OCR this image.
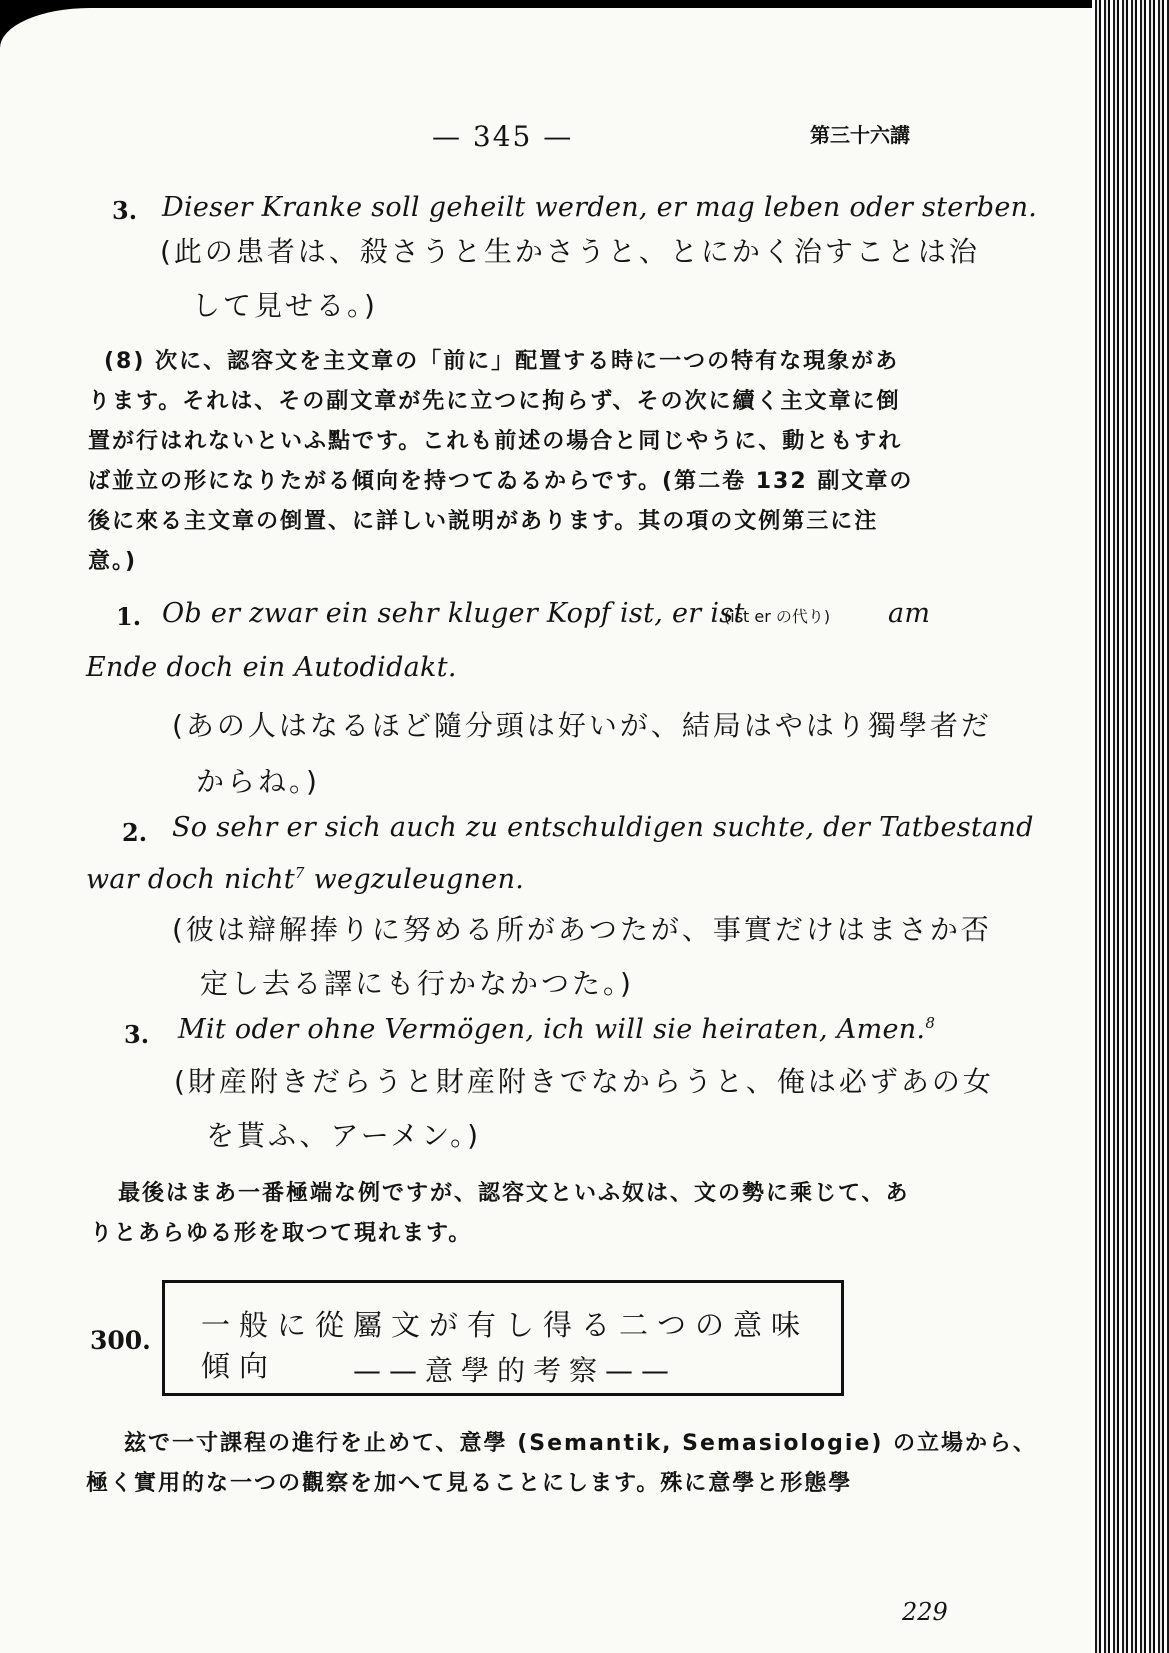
— 345 —	第三十六講
3. Dieser Kranke soll geheilt werden, er mag leben oder sterben.
(此の患者は、殺さうと生かさうと、とにかく治すことは治
して見せる。)
(8) 次に、認容文を主文章の「前に」配置する時に一つの特有な現象があ
ります。それは、その副文章が先に立つに拘らず、その次に續く主文章に倒
置が行はれないといふ點です。これも前述の場合と同じやうに、動ともすれ
ば並立の形になりたがる傾向を持つてゐるからです。(第二卷 132 副文章の
後に來る主文章の倒置、に詳しい説明があります。其の項の文例第三に注
意。)
1. Ob er zwar ein sehr kluger Kopf ist, er ist
(ist er の代り) am
Ende doch ein Autodidakt.
(あの人はなるほど隨分頭は好いが、結局はやはり獨學者だ
からね。)
2. So sehr er sich auch zu entschuldigen suchte, der Tatbestand
war doch nicht$^7$ wegzuleugnen.
(彼は辯解捧りに努める所があつたが、事實だけはまさか否
定し去る譯にも行かなかつた。)
3. Mit oder ohne Vermögen, ich will sie heiraten, Amen.$^8$
(財産附きだらうと財産附きでなからうと、俺は必ずあの女
を貰ふ、アーメン。)
最後はまあ一番極端な例ですが、認容文といふ奴は、文の勢に乘じて、あ
りとあらゆる形を取つて現れます。
300. 一般に從屬文が有し得る二つの意味傾向	——意學的考察——
玆で一寸課程の進行を止めて、意學 (Semantik, Semasiologie) の立場から、
極く實用的な一つの觀察を加へて見ることにします。殊に意學と形態學
229
